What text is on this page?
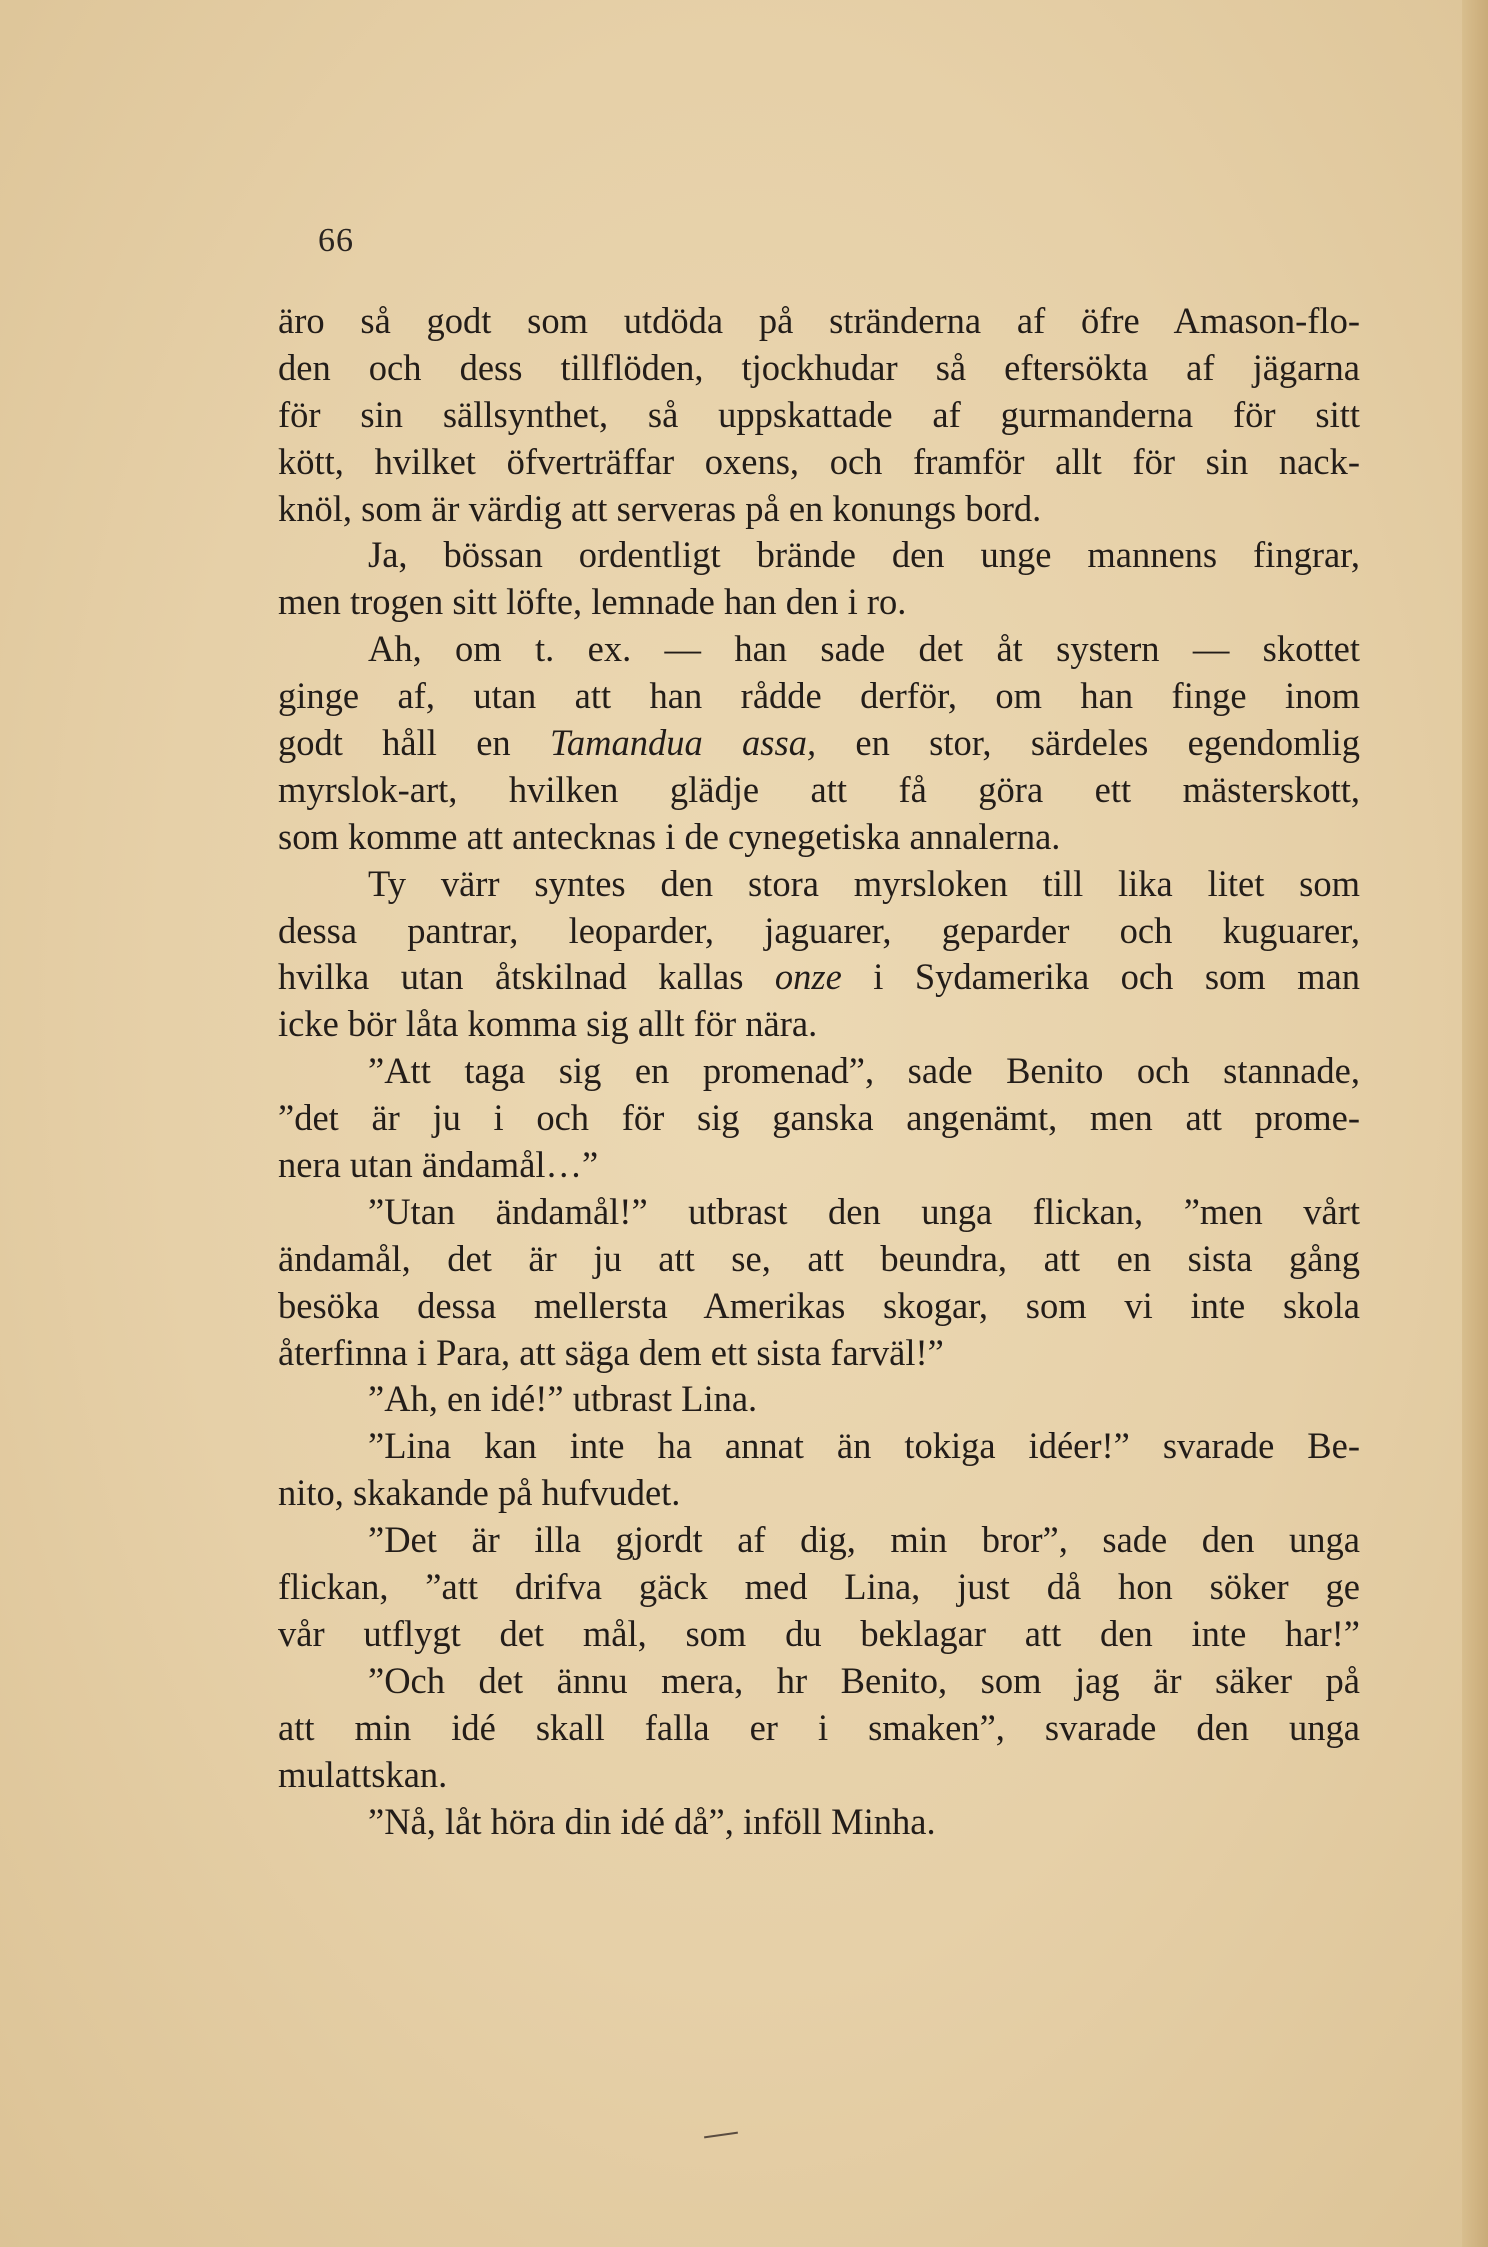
66
äro så godt som utdöda på stränderna af öfre Amason-flo-
den och dess tillflöden, tjockhudar så eftersökta af jägarna
för sin sällsynthet, så uppskattade af gurmanderna för sitt
kött, hvilket öfverträffar oxens, och framför allt för sin nack-
knöl, som är värdig att serveras på en konungs bord.
Ja, bössan ordentligt brände den unge mannens fingrar,
men trogen sitt löfte, lemnade han den i ro.
Ah, om t. ex. — han sade det åt systern — skottet
ginge af, utan att han rådde derför, om han finge inom
godt håll en Tamandua assa, en stor, särdeles egendomlig
myrslok-art, hvilken glädje att få göra ett mästerskott,
som komme att antecknas i de cynegetiska annalerna.
Ty värr syntes den stora myrsloken till lika litet som
dessa pantrar, leoparder, jaguarer, geparder och kuguarer,
hvilka utan åtskilnad kallas onze i Sydamerika och som man
icke bör låta komma sig allt för nära.
”Att taga sig en promenad”, sade Benito och stannade,
”det är ju i och för sig ganska angenämt, men att prome-
nera utan ändamål…”
”Utan ändamål!” utbrast den unga flickan, ”men vårt
ändamål, det är ju att se, att beundra, att en sista gång
besöka dessa mellersta Amerikas skogar, som vi inte skola
återfinna i Para, att säga dem ett sista farväl!”
”Ah, en idé!” utbrast Lina.
”Lina kan inte ha annat än tokiga idéer!” svarade Be-
nito, skakande på hufvudet.
”Det är illa gjordt af dig, min bror”, sade den unga
flickan, ”att drifva gäck med Lina, just då hon söker ge
vår utflygt det mål, som du beklagar att den inte har!”
”Och det ännu mera, hr Benito, som jag är säker på
att min idé skall falla er i smaken”, svarade den unga
mulattskan.
”Nå, låt höra din idé då”, inföll Minha.
